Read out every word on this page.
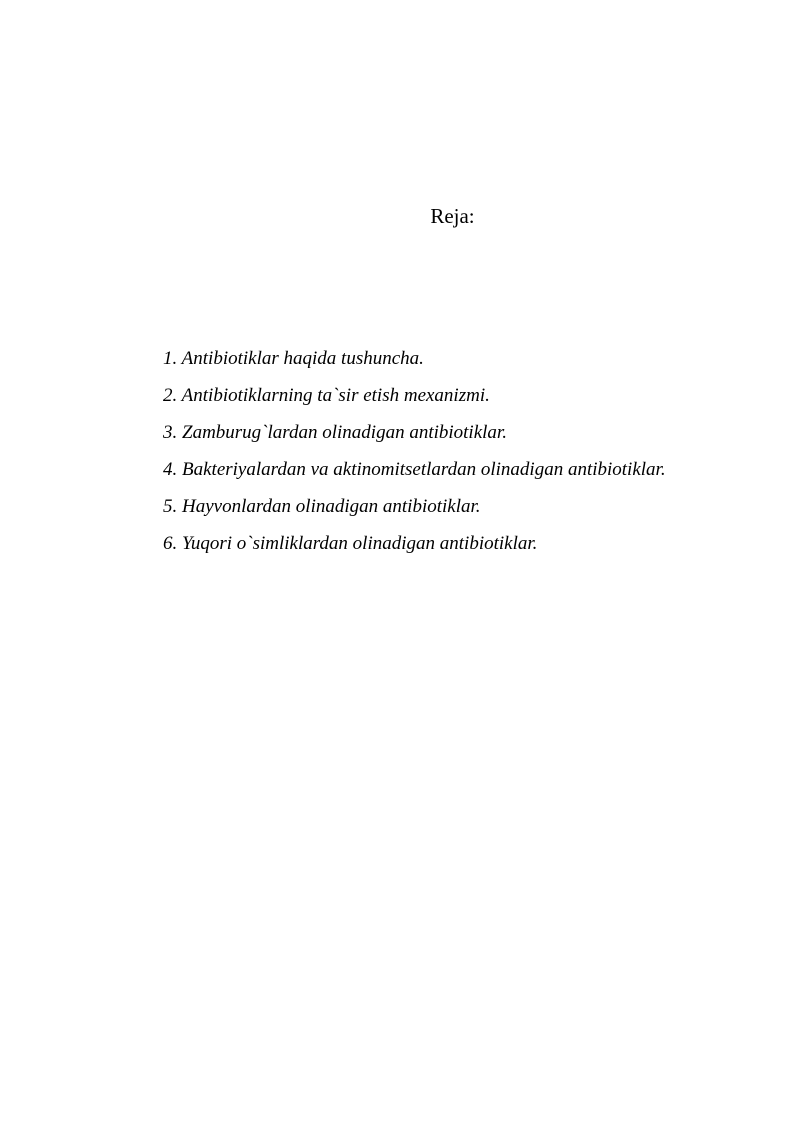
Reja:
1. Antibiotiklar haqida tushuncha.
2. Antibiotiklarning ta`sir etish mexanizmi.
3. Zamburug`lardan olinadigan antibiotiklar.
4. Bakteriyalardan va aktinomitsetlardan olinadigan antibiotiklar.
5. Hayvonlardan olinadigan antibiotiklar.
6. Yuqori o`simliklardan olinadigan antibiotiklar.
